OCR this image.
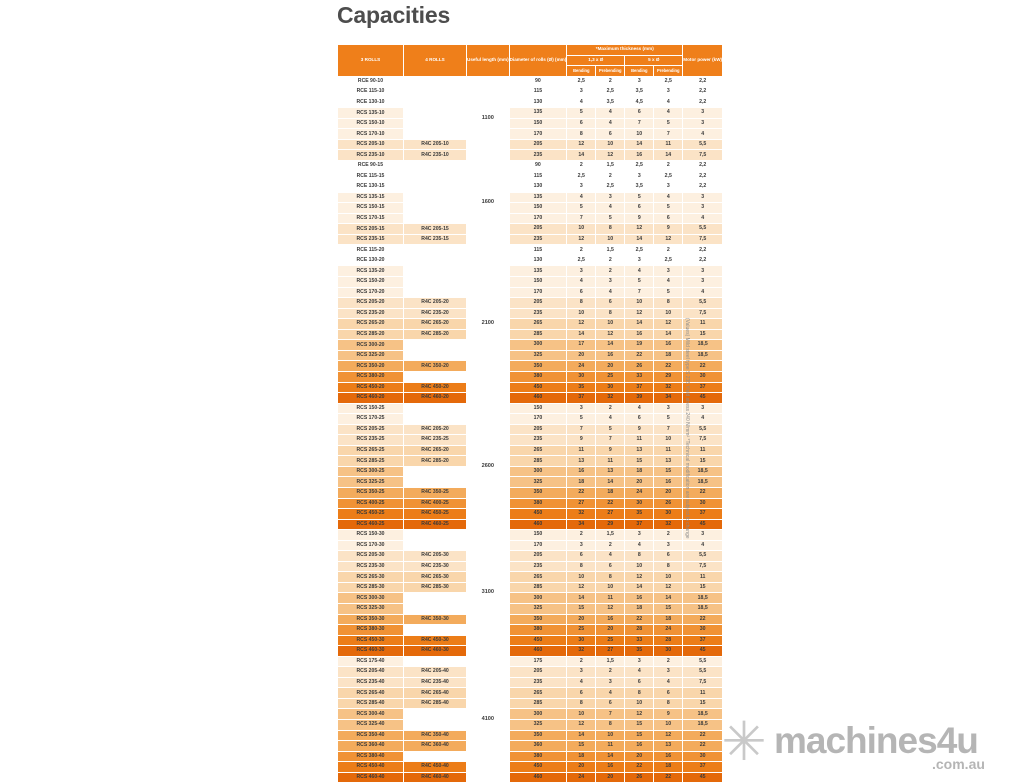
Capacities
3 ROLLS	4 ROLLS	Useful length (mm)	Diameter of rolls (Ø) (mm)	*Maximum thickness (mm)				Motor power (kW)
				1,3 x Ø		5 x Ø		
				Bending	Prebending	Bending	Prebending	
RCE 90-10		1100	90	2,5	2	3	2,5	2,2
RCE 115-10			115	3	2,5	3,5	3	2,2
RCE 130-10			130	4	3,5	4,5	4	2,2
RCS 135-10			135	5	4	6	4	3
RCS 150-10			150	6	4	7	5	3
RCS 170-10			170	8	6	10	7	4
RCS 205-10	R4C 205-10		205	12	10	14	11	5,5
RCS 235-10	R4C 235-10		235	14	12	16	14	7,5
RCE 90-15		1600	90	2	1,5	2,5	2	2,2
RCE 115-15			115	2,5	2	3	2,5	2,2
RCE 130-15			130	3	2,5	3,5	3	2,2
RCS 135-15			135	4	3	5	4	3
RCS 150-15			150	5	4	6	5	3
RCS 170-15			170	7	5	9	6	4
RCS 205-15	R4C 205-15		205	10	8	12	9	5,5
RCS 235-15	R4C 235-15		235	12	10	14	12	7,5
RCE 115-20		2100	115	2	1,5	2,5	2	2,2
RCE 130-20			130	2,5	2	3	2,5	2,2
RCS 135-20			135	3	2	4	3	3
RCS 150-20			150	4	3	5	4	3
RCS 170-20			170	6	4	7	5	4
RCS 205-20	R4C 205-20		205	8	6	10	8	5,5
RCS 235-20	R4C 235-20		235	10	8	12	10	7,5
RCS 265-20	R4C 265-20		265	12	10	14	12	11
RCS 285-20	R4C 285-20		285	14	12	16	14	15
RCS 300-20			300	17	14	19	16	18,5
RCS 325-20			325	20	16	22	18	18,5
RCS 350-20	R4C 350-20		350	24	20	26	22	22
RCS 380-20			380	30	25	33	29	30
RCS 450-20	R4C 450-20		450	35	30	37	32	37
RCS 460-20	R4C 460-20		460	37	32	39	34	45
RCS 150-25		2600	150	3	2	4	3	3
RCS 170-25			170	5	4	6	5	4
RCS 205-25	R4C 205-20		205	7	5	9	7	5,5
RCS 235-25	R4C 235-25		235	9	7	11	10	7,5
RCS 265-25	R4C 265-20		265	11	9	13	11	11
RCS 285-25	R4C 285-20		285	13	11	15	13	15
RCS 300-25			300	16	13	18	15	18,5
RCS 325-25			325	18	14	20	16	18,5
RCS 350-25	R4C 350-25		350	22	18	24	20	22
RCS 400-25	R4C 400-25		380	27	22	30	26	30
RCS 450-25	R4C 450-25		450	32	27	35	30	37
RCS 460-25	R4C 460-25		460	34	29	37	32	45
RCS 150-30		3100	150	2	1,5	3	2	3
RCS 170-30			170	3	2	4	3	4
RCS 205-30	R4C 205-30		205	6	4	8	6	5,5
RCS 235-30	R4C 235-30		235	8	6	10	8	7,5
RCS 265-30	R4C 265-30		265	10	8	12	10	11
RCS 285-30	R4C 285-30		285	12	10	14	12	15
RCS 300-30			300	14	11	16	14	18,5
RCS 325-30			325	15	12	18	15	18,5
RCS 350-30	R4C 350-30		350	20	16	22	18	22
RCS 380-30			380	25	20	28	24	30
RCS 450-30	R4C 450-30		450	30	25	33	28	37
RCS 460-30	R4C 460-30		460	32	27	35	30	45
RCS 175-40		4100	175	2	1,5	3	2	5,5
RCS 205-40	R4C 205-40		205	3	2	4	3	5,5
RCS 235-40	R4C 235-40		235	4	3	6	4	7,5
RCS 265-40	R4C 265-40		265	6	4	8	6	11
RCS 285-40	R4C 285-40		285	8	6	10	8	15
RCS 300-40			300	10	7	12	9	18,5
RCS 325-40			325	12	8	15	10	18,5
RCS 350-40	R4C 350-40		350	14	10	15	12	22
RCS 360-40	R4C 360-40		360	15	11	16	13	22
RCS 380-40			380	18	14	20	16	30
RCS 450-40	R4C 450-40		450	20	16	22	18	37
RCS 460-40	R4C 460-40		460	24	20	26	22	45
(Values) Mild steel type S 235 Yield stress 240 N/mm² *Technical modification are subject to change
✳ machines4u
.com.au
